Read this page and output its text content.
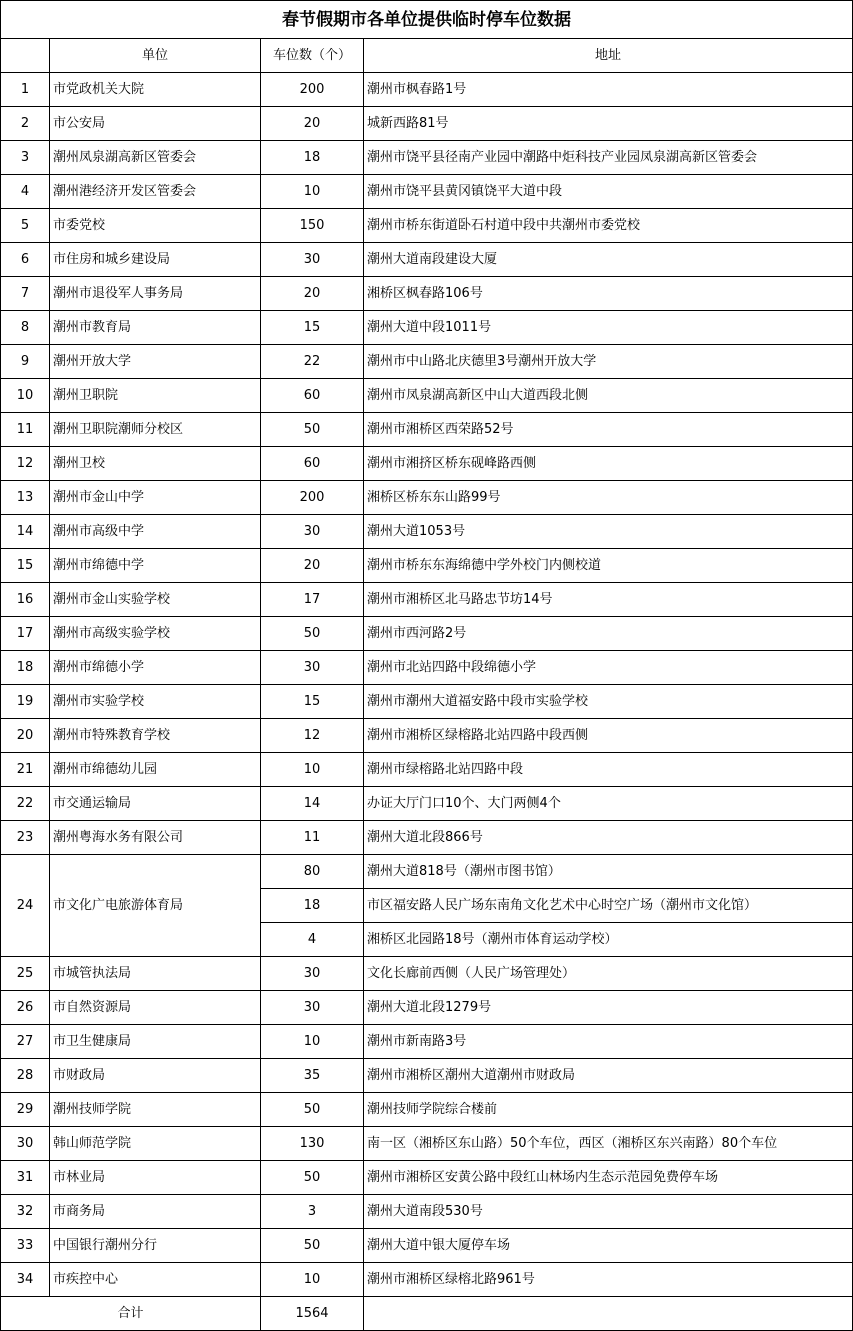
春节假期市各单位提供临时停车位数据			
	单位	车位数（个）	地址
1	市党政机关大院	200	潮州市枫春路1号
2	市公安局	20	城新西路81号
3	潮州凤泉湖高新区管委会	18	潮州市饶平县径南产业园中潮路中炬科技产业园凤泉湖高新区管委会
4	潮州港经济开发区管委会	10	潮州市饶平县黄冈镇饶平大道中段
5	市委党校	150	潮州市桥东街道卧石村道中段中共潮州市委党校
6	市住房和城乡建设局	30	潮州大道南段建设大厦
7	潮州市退役军人事务局	20	湘桥区枫春路106号
8	潮州市教育局	15	潮州大道中段1011号
9	潮州开放大学	22	潮州市中山路北庆德里3号潮州开放大学
10	潮州卫职院	60	潮州市凤泉湖高新区中山大道西段北侧
11	潮州卫职院潮师分校区	50	潮州市湘桥区西荣路52号
12	潮州卫校	60	潮州市湘挤区桥东砚峰路西侧
13	潮州市金山中学	200	湘桥区桥东东山路99号
14	潮州市高级中学	30	潮州大道1053号
15	潮州市绵德中学	20	潮州市桥东东海绵德中学外校门内侧校道
16	潮州市金山实验学校	17	潮州市湘桥区北马路忠节坊14号
17	潮州市高级实验学校	50	潮州市西河路2号
18	潮州市绵德小学	30	潮州市北站四路中段绵德小学
19	潮州市实验学校	15	潮州市潮州大道福安路中段市实验学校
20	潮州市特殊教育学校	12	潮州市湘桥区绿榕路北站四路中段西侧
21	潮州市绵德幼儿园	10	潮州市绿榕路北站四路中段
22	市交通运输局	14	办证大厅门口10个、大门两侧4个
23	潮州粤海水务有限公司	11	潮州大道北段866号
24	市文化广电旅游体育局	80	潮州大道818号（潮州市图书馆）
		18	市区福安路人民广场东南角文化艺术中心时空广场（潮州市文化馆）
		4	湘桥区北园路18号（潮州市体育运动学校）
25	市城管执法局	30	文化长廊前西侧（人民广场管理处）
26	市自然资源局	30	潮州大道北段1279号
27	市卫生健康局	10	潮州市新南路3号
28	市财政局	35	潮州市湘桥区潮州大道潮州市财政局
29	潮州技师学院	50	潮州技师学院综合楼前
30	韩山师范学院	130	南一区（湘桥区东山路）50个车位，西区（湘桥区东兴南路）80个车位
31	市林业局	50	潮州市湘桥区安黄公路中段红山林场内生态示范园免费停车场
32	市商务局	3	潮州大道南段530号
33	中国银行潮州分行	50	潮州大道中银大厦停车场
34	市疾控中心	10	潮州市湘桥区绿榕北路961号
合计		1564	
